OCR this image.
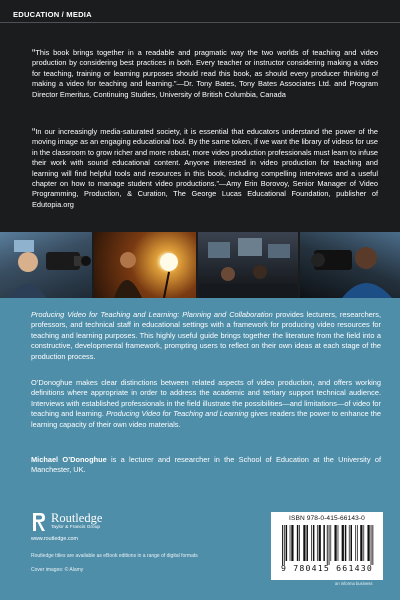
EDUCATION / MEDIA
“This book brings together in a readable and pragmatic way the two worlds of teaching and video production by considering best practices in both. Every teacher or instructor considering making a video for teaching, training or learning purposes should read this book, as should every producer thinking of making a video for teaching and learning.”—Dr. Tony Bates, Tony Bates Associates Ltd. and Program Director Emeritus, Continuing Studies, University of British Columbia, Canada
“In our increasingly media-saturated society, it is essential that educators understand the power of the moving image as an engaging educational tool. By the same token, if we want the library of videos for use in the classroom to grow richer and more robust, more video production professionals must learn to infuse their work with sound educational content. Anyone interested in video production for teaching and learning will find helpful tools and resources in this book, including compelling interviews and a useful chapter on how to manage student video productions.”—Amy Erin Borovoy, Senior Manager of Video Programming, Production, & Curation, The George Lucas Educational Foundation, publisher of Edutopia.org
Producing Video for Teaching and Learning: Planning and Collaboration provides lecturers, researchers, professors, and technical staff in educational settings with a framework for producing video resources for teaching and learning purposes. This highly useful guide brings together the literature from the field into a constructive, developmental framework, prompting users to reflect on their own ideas at each stage of the production process.
O’Donoghue makes clear distinctions between related aspects of video production, and offers working definitions where appropriate in order to address the academic and tertiary support technical audience. Interviews with established professionals in the field illustrate the possibilities—and limitations—of video for teaching and learning. Producing Video for Teaching and Learning gives readers the power to enhance the learning capacity of their own video materials.
Michael O’Donoghue is a lecturer and researcher in the School of Education at the University of Manchester, UK.
Routledge
Taylor & Francis Group
www.routledge.com
Routledge titles are available as eBook editions in a range of digital formats
Cover images: © Alamy
ISBN 978-0-415-66143-0
9 780415 661430
an informa business
